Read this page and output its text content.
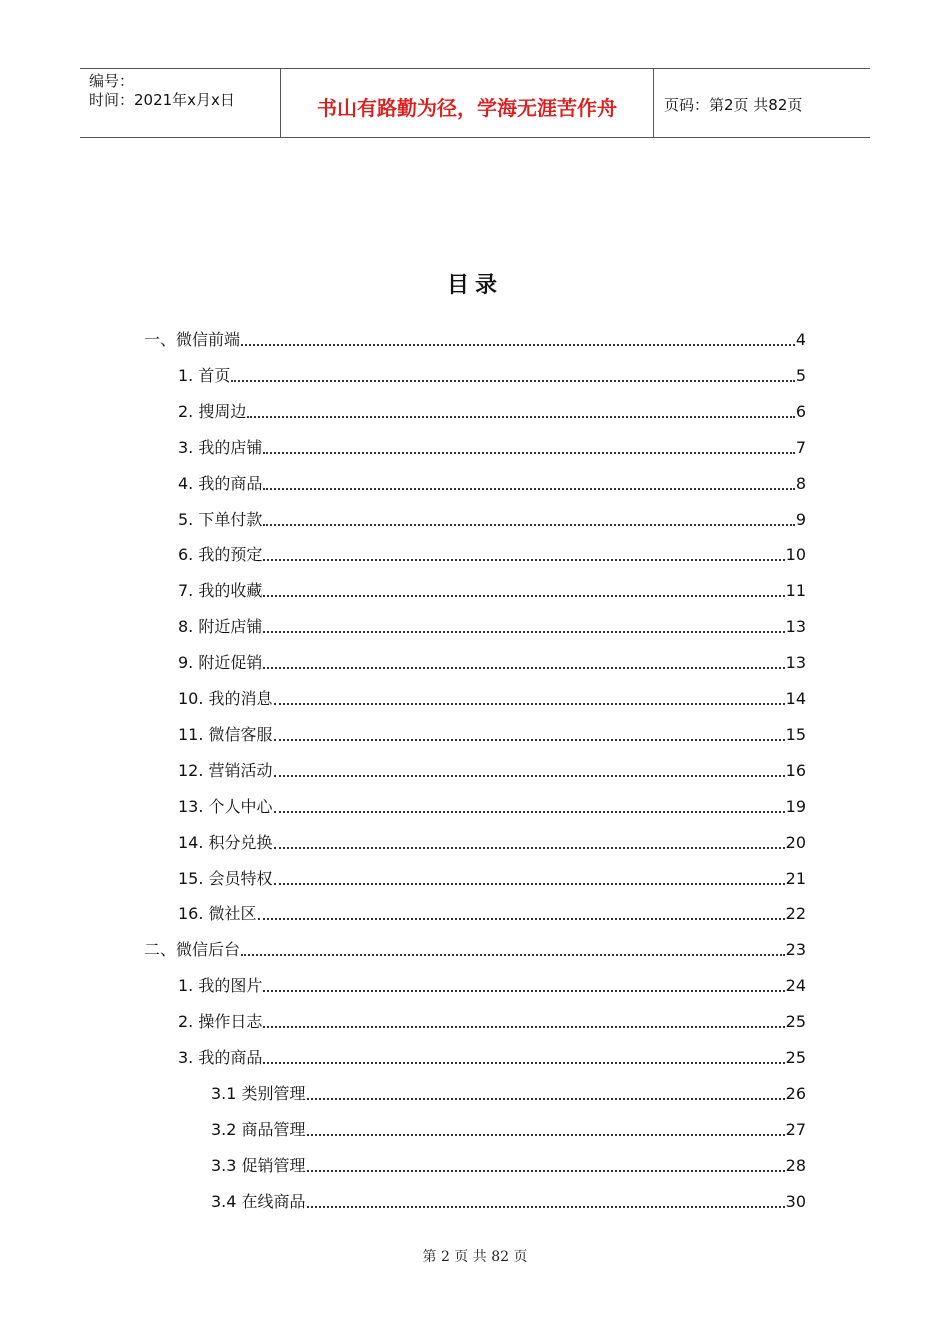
编号：
时间：2021年x月x日	书山有路勤为径，学海无涯苦作舟	页码：第2页 共82页
目录
一、微信前端	4
1. 首页	5
2. 搜周边	6
3. 我的店铺	7
4. 我的商品	8
5. 下单付款	9
6. 我的预定	10
7. 我的收藏	11
8. 附近店铺	13
9. 附近促销	13
10. 我的消息	14
11. 微信客服	15
12. 营销活动	16
13. 个人中心	19
14. 积分兑换	20
15. 会员特权	21
16. 微社区	22
二、微信后台	23
1. 我的图片	24
2. 操作日志	25
3. 我的商品	25
3.1 类别管理	26
3.2 商品管理	27
3.3 促销管理	28
3.4 在线商品	30
第 2 页 共 82 页
